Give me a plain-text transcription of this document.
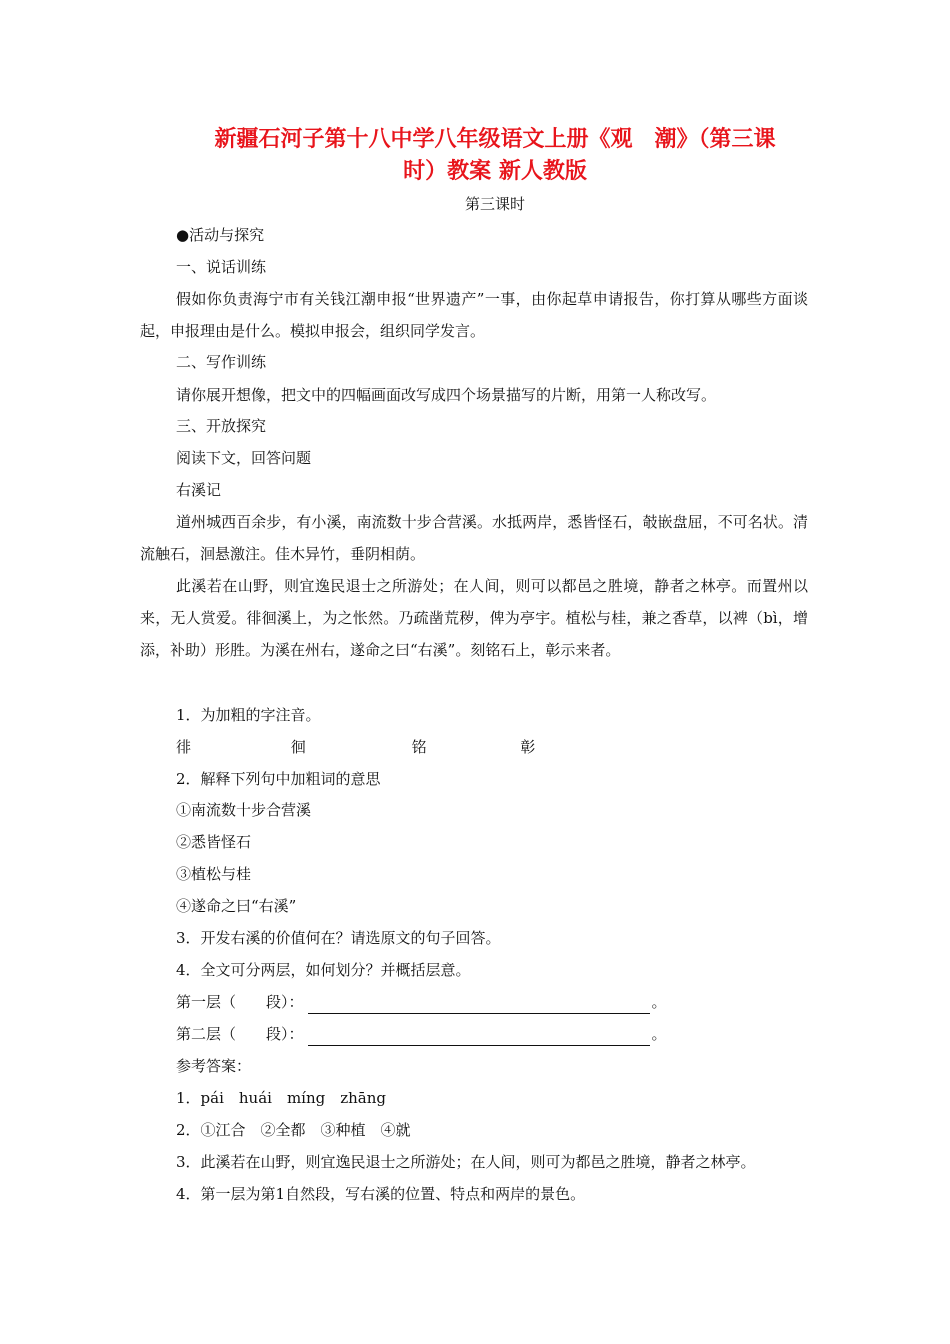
新疆石河子第十八中学八年级语文上册《观　潮》（第三课
时）教案 新人教版
第三课时
●活动与探究
一、说话训练
假如你负责海宁市有关钱江潮申报“世界遗产”一事，由你起草申请报告，你打算从哪些方面谈起，申报理由是什么。模拟申报会，组织同学发言。
二、写作训练
请你展开想像，把文中的四幅画面改写成四个场景描写的片断，用第一人称改写。
三、开放探究
阅读下文，回答问题
右溪记
道州城西百余步，有小溪，南流数十步合营溪。水抵两岸，悉皆怪石，攲嵌盘屈，不可名状。清流触石，洄悬激注。佳木异竹，垂阴相荫。
此溪若在山野，则宜逸民退士之所游处；在人间，则可以都邑之胜境，静者之林亭。而置州以来，无人赏爱。徘徊溪上，为之怅然。乃疏凿荒秽，俾为亭宇。植松与桂，兼之香草，以裨（bì，增添，补助）形胜。为溪在州右，遂命之曰“右溪”。刻铭石上，彰示来者。
1．为加粗的字注音。
徘	徊	铭	彰
2．解释下列句中加粗词的意思
①南流数十步合营溪
②悉皆怪石
③植松与桂
④遂命之曰“右溪”
3．开发右溪的价值何在？请选原文的句子回答。
4．全文可分两层，如何划分？并概括层意。
第一层（　　段）：	。
第二层（　　段）：	。
参考答案：
1．pái　huái　míng　zhāng
2．①江合　②全都　③种植　④就
3．此溪若在山野，则宜逸民退士之所游处；在人间，则可为都邑之胜境，静者之林亭。
4．第一层为第1自然段，写右溪的位置、特点和两岸的景色。
